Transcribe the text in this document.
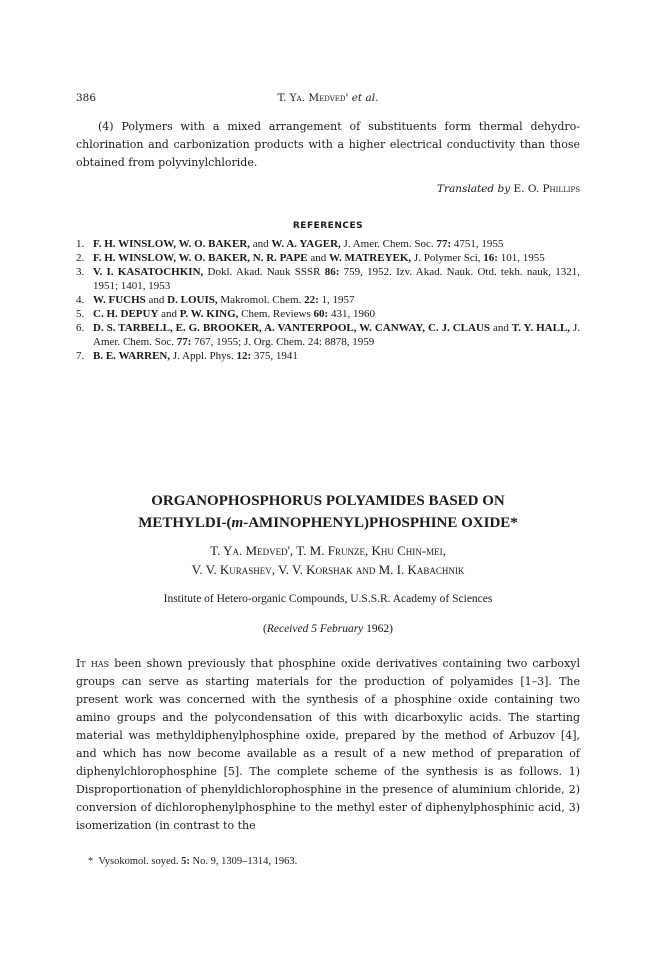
386	T. Ya. Medved' et al.
(4) Polymers with a mixed arrangement of substituents form thermal dehydro-chlorination and carbonization products with a higher electrical conductivity than those obtained from polyvinylchloride.
Translated by E. O. Phillips
REFERENCES
1. F. H. WINSLOW, W. O. BAKER, and W. A. YAGER, J. Amer. Chem. Soc. 77: 4751, 1955
2. F. H. WINSLOW, W. O. BAKER, N. R. PAPE and W. MATREYEK, J. Polymer Sci, 16: 101, 1955
3. V. I. KASATOCHKIN, Dokl. Akad. Nauk SSSR 86: 759, 1952. Izv. Akad. Nauk. Otd. tekh. nauk, 1321, 1951; 1401, 1953
4. W. FUCHS and D. LOUIS, Makromol. Chem. 22: 1, 1957
5. C. H. DEPUY and P. W. KING, Chem. Reviews 60: 431, 1960
6. D. S. TARBELL, E. G. BROOKER, A. VANTERPOOL, W. CANWAY, C. J. CLAUS and T. Y. HALL, J. Amer. Chem. Soc. 77: 767, 1955; J. Org. Chem. 24: 8878, 1959
7. B. E. WARREN, J. Appl. Phys. 12: 375, 1941
ORGANOPHOSPHORUS POLYAMIDES BASED ON
METHYLDI-(m-AMINOPHENYL)PHOSPHINE OXIDE*
T. Ya. Medved', T. M. Frunze, Khu Chin-mei,
V. V. Kurashev, V. V. Korshak and M. I. Kabachnik
Institute of Hetero-organic Compounds, U.S.S.R. Academy of Sciences
(Received 5 February 1962)
It has been shown previously that phosphine oxide derivatives containing two carboxyl groups can serve as starting materials for the production of polyamides [1–3]. The present work was concerned with the synthesis of a phosphine oxide containing two amino groups and the polycondensation of this with dicarboxylic acids. The starting material was methyldiphenylphosphine oxide, prepared by the method of Arbuzov [4], and which has now become available as a result of a new method of preparation of diphenylchlorophosphine [5]. The complete scheme of the synthesis is as follows. 1) Disproportionation of phenyldichlorophosphine in the presence of aluminium chloride, 2) conversion of dichlorophenylphosphine to the methyl ester of diphenylphosphinic acid, 3) isomerization (in contrast to the
* Vysokomol. soyed. 5: No. 9, 1309–1314, 1963.
